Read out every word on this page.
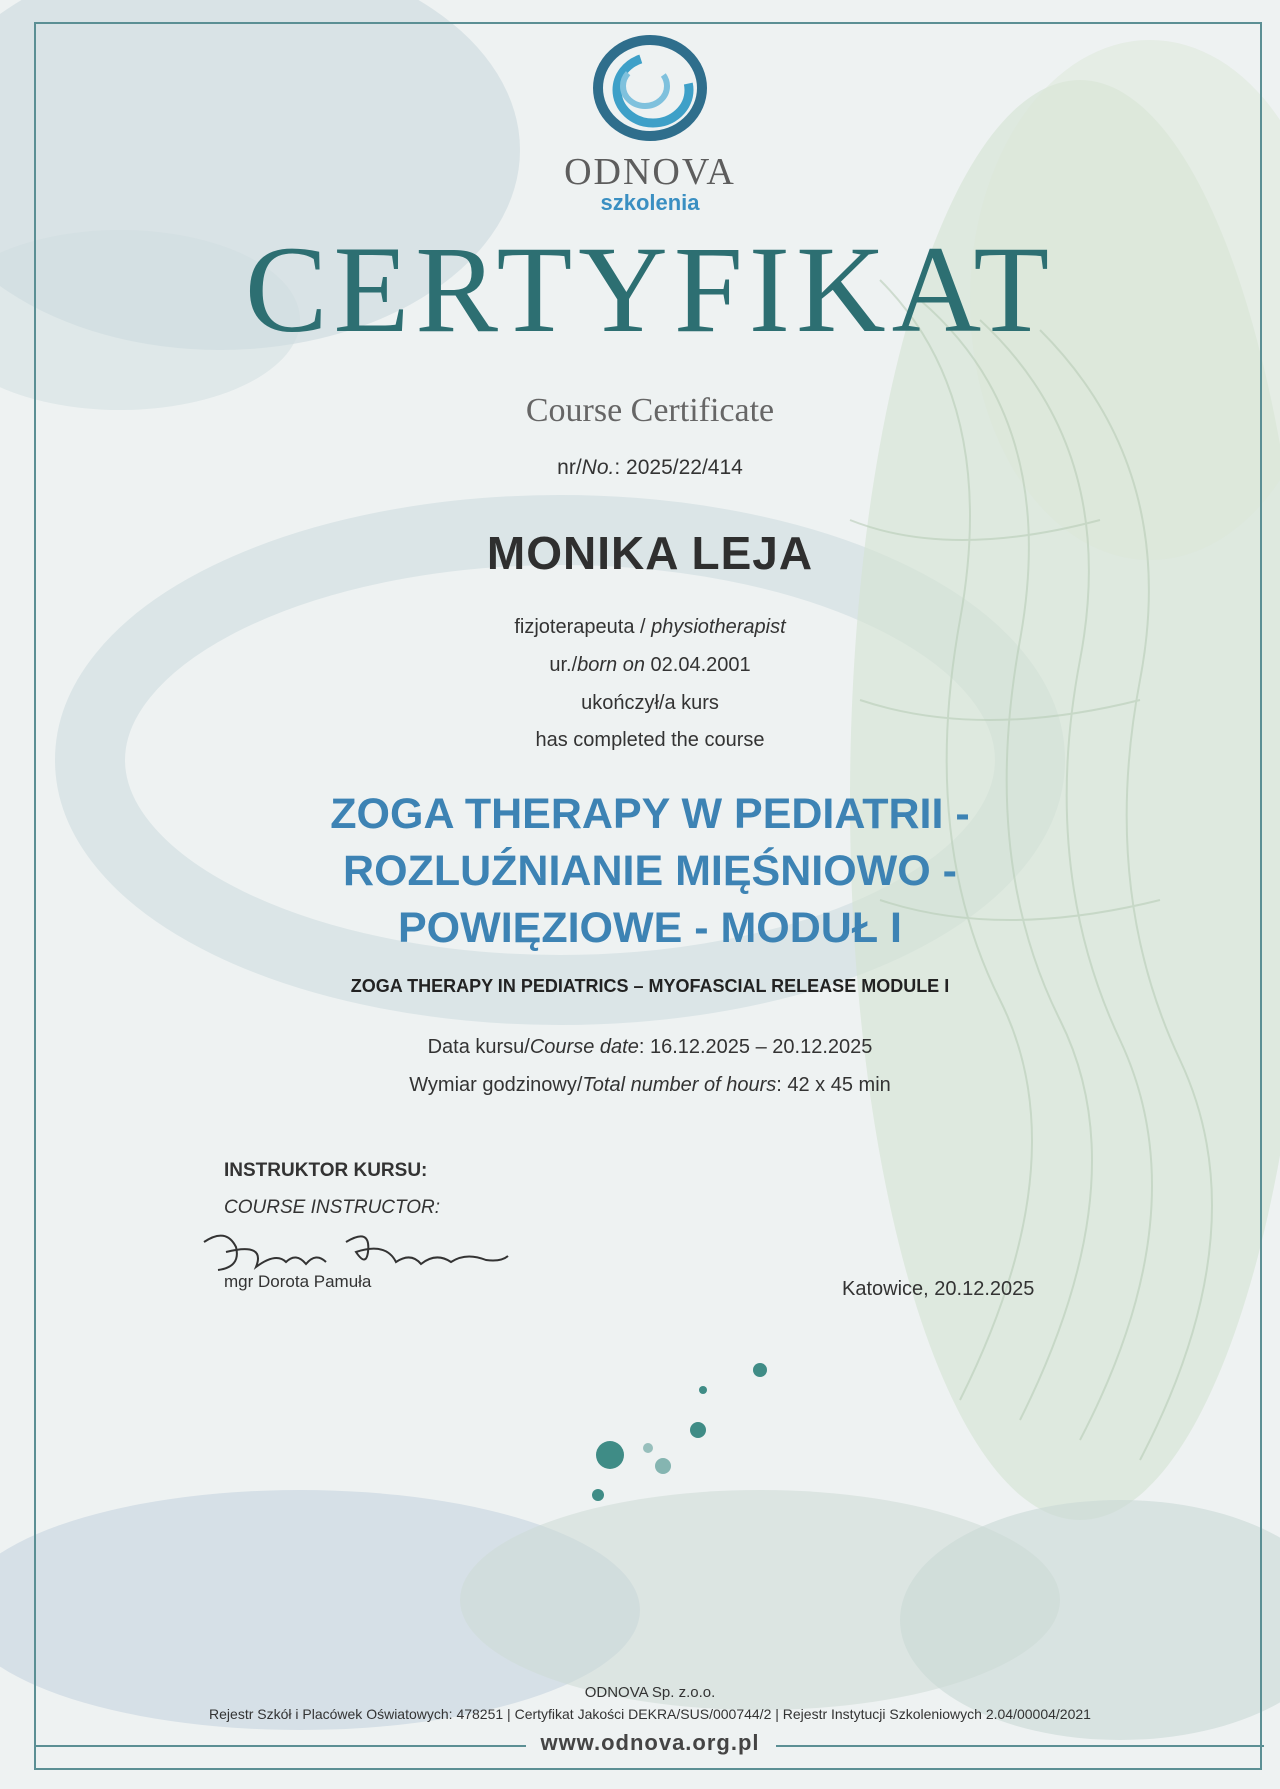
ODNOVA
szkolenia
CERTYFIKAT
Course Certificate
nr/No.: 2025/22/414
MONIKA LEJA
fizjoterapeuta / physiotherapist
ur./born on 02.04.2001
ukończył/a kurs
has completed the course
ZOGA THERAPY W PEDIATRII -
ROZLUŹNIANIE MIĘŚNIOWO -
POWIĘZIOWE - MODUŁ I
ZOGA THERAPY IN PEDIATRICS – MYOFASCIAL RELEASE MODULE I
Data kursu/Course date: 16.12.2025 – 20.12.2025
Wymiar godzinowy/Total number of hours: 42 x 45 min
INSTRUKTOR KURSU:
COURSE INSTRUCTOR:
mgr Dorota Pamuła	Katowice, 20.12.2025
ODNOVA Sp. z.o.o.
Rejestr Szkół i Placówek Oświatowych: 478251 | Certyfikat Jakości DEKRA/SUS/000744/2 | Rejestr Instytucji Szkoleniowych 2.04/00004/2021
www.odnova.org.pl
